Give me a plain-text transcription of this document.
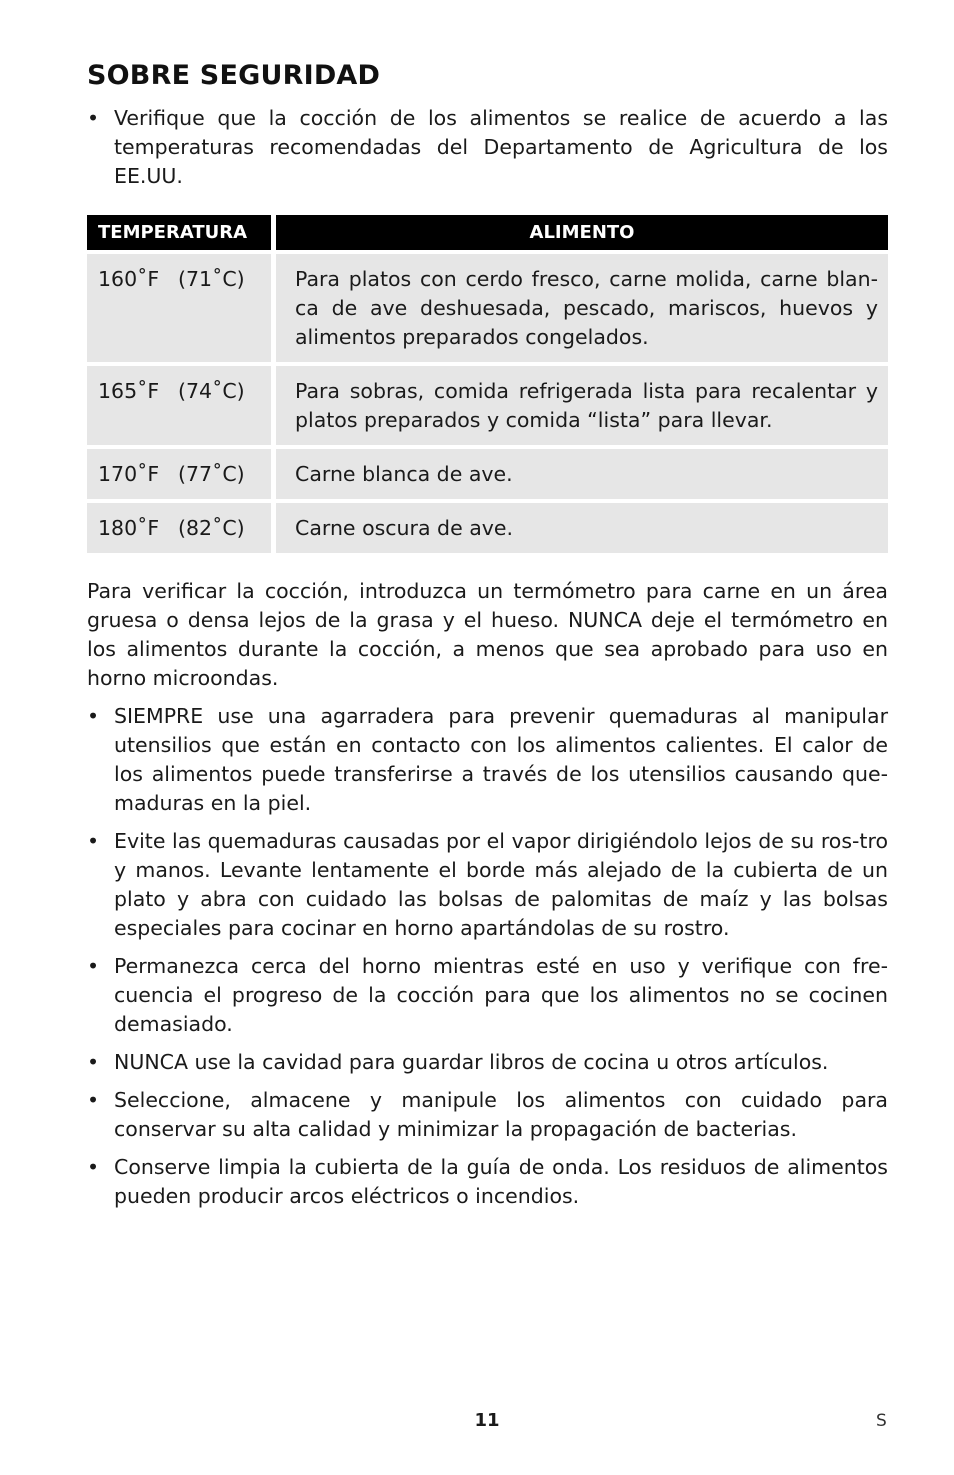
SOBRE SEGURIDAD
• Verifique que la cocción de los alimentos se realice de acuerdo a las temperaturas recomendadas del Departamento de Agricultura de los EE.UU.
TEMPERATURA	ALIMENTO
160˚F (71˚C)	Para platos con cerdo fresco, carne molida, carne blan-ca de ave deshuesada, pescado, mariscos, huevos y alimentos preparados congelados.
165˚F (74˚C)	Para sobras, comida refrigerada lista para recalentar y platos preparados y comida “lista” para llevar.
170˚F (77˚C)	Carne blanca de ave.
180˚F (82˚C)	Carne oscura de ave.

Para verificar la cocción, introduzca un termómetro para carne en un área gruesa o densa lejos de la grasa y el hueso. NUNCA deje el termómetro en los alimentos durante la cocción, a menos que sea aprobado para uso en horno microondas.

• SIEMPRE use una agarradera para prevenir quemaduras al manipular utensilios que están en contacto con los alimentos calientes. El calor de los alimentos puede transferirse a través de los utensilios causando que-maduras en la piel.
• Evite las quemaduras causadas por el vapor dirigiéndolo lejos de su ros-tro y manos. Levante lentamente el borde más alejado de la cubierta de un plato y abra con cuidado las bolsas de palomitas de maíz y las bolsas especiales para cocinar en horno apartándolas de su rostro.
• Permanezca cerca del horno mientras esté en uso y verifique con fre-cuencia el progreso de la cocción para que los alimentos no se cocinen demasiado.
• NUNCA use la cavidad para guardar libros de cocina u otros artículos.
• Seleccione, almacene y manipule los alimentos con cuidado para conservar su alta calidad y minimizar la propagación de bacterias.
• Conserve limpia la cubierta de la guía de onda. Los residuos de alimentos pueden producir arcos eléctricos o incendios.
11	S
